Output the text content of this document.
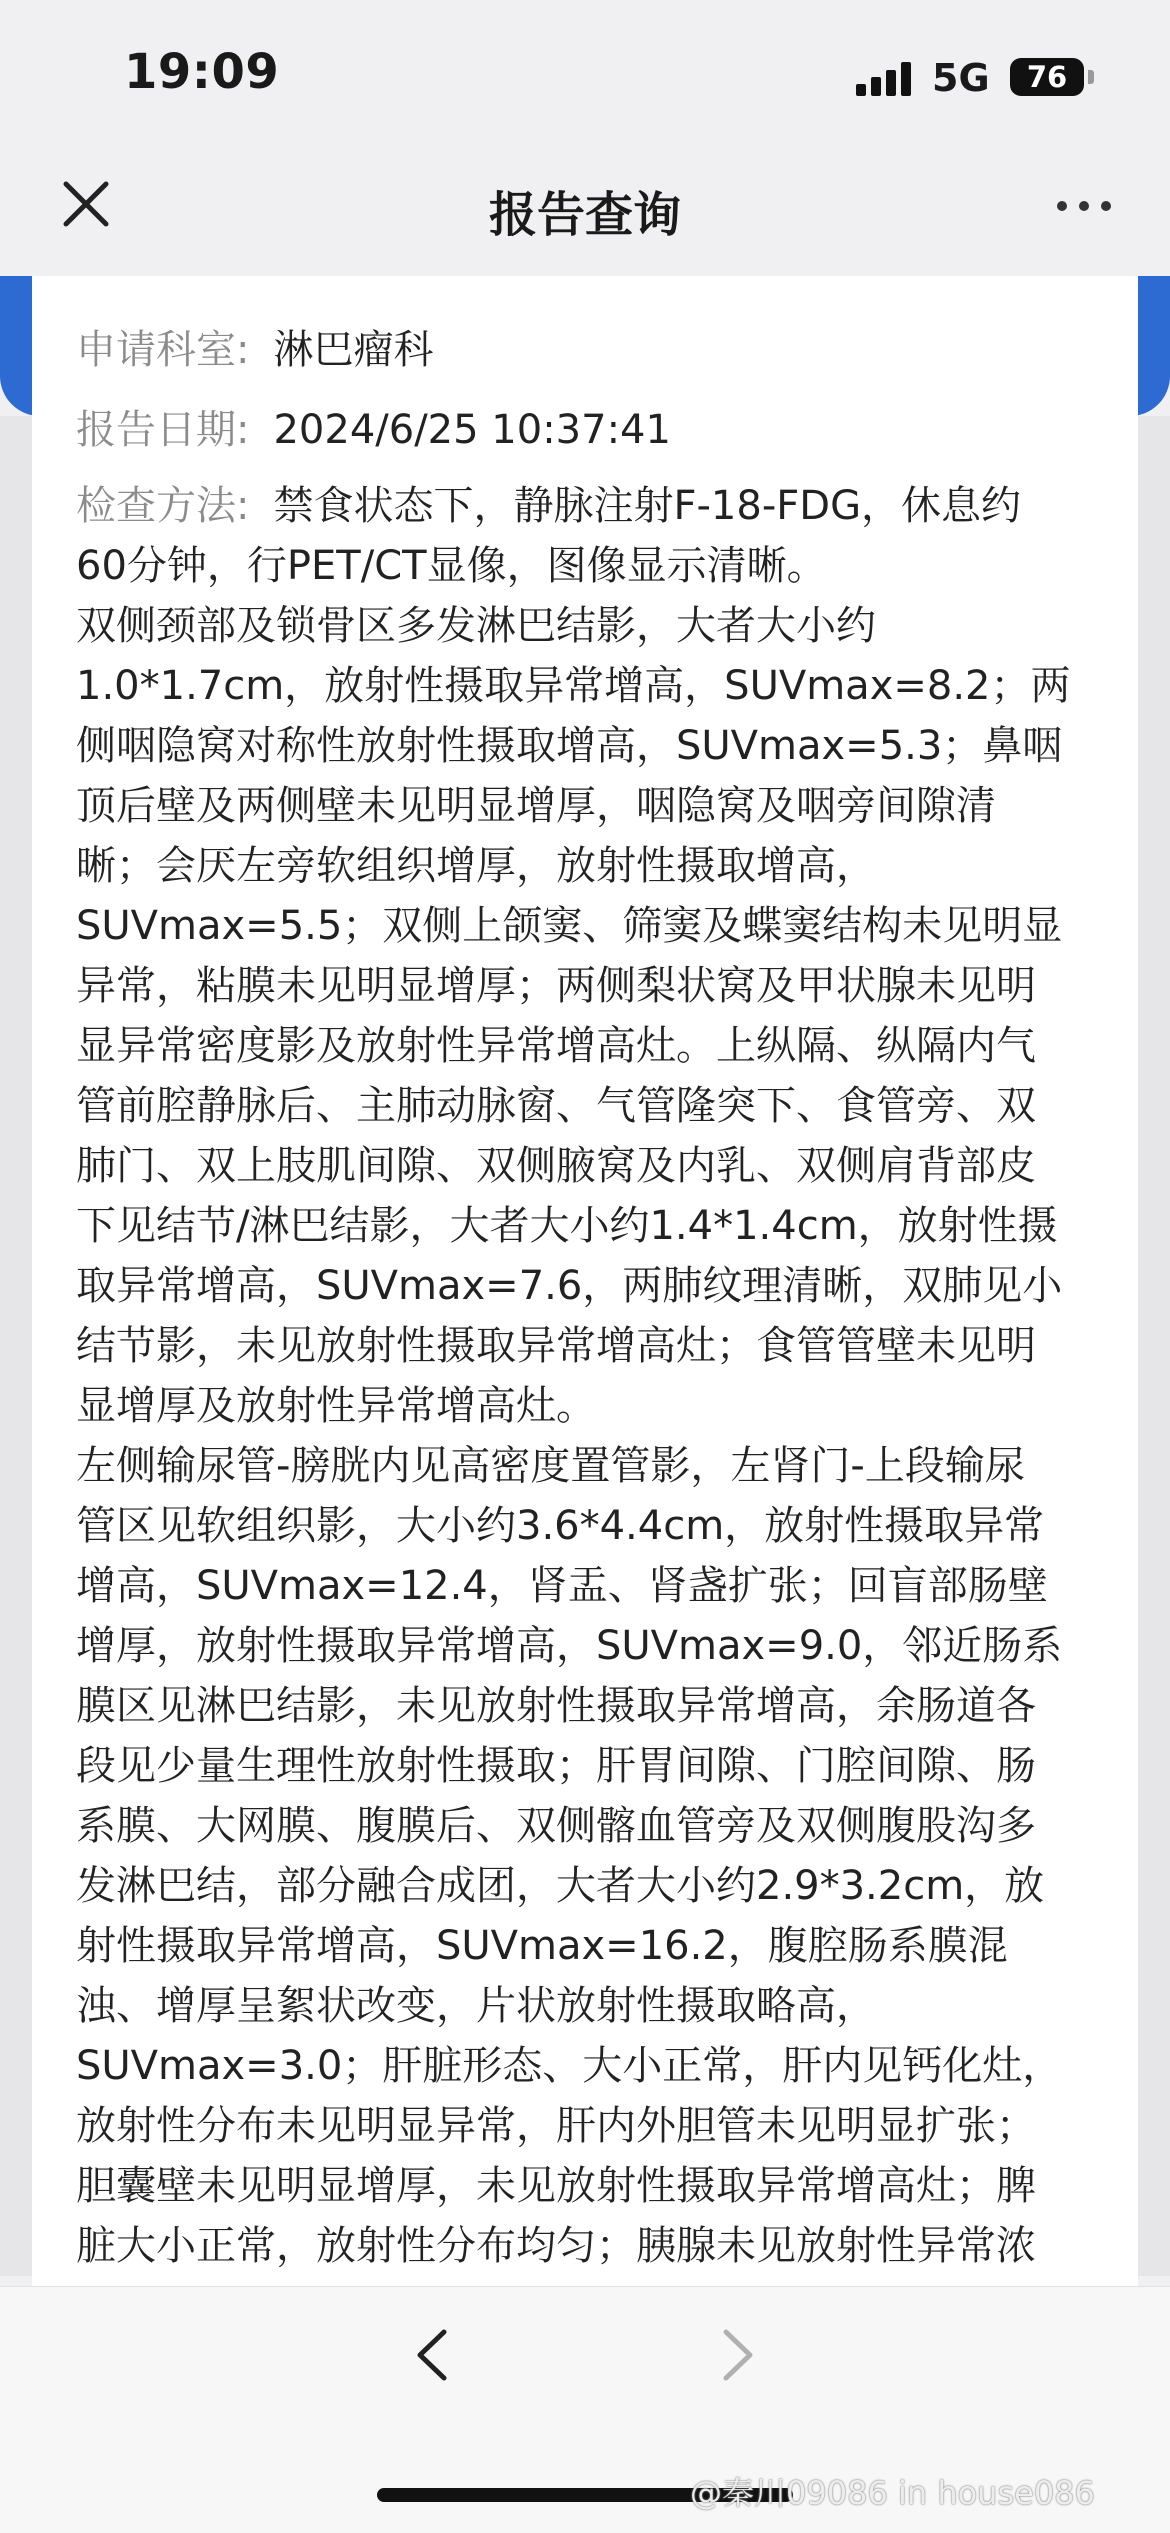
19:09	5G	76
报告查询
申请科室: 淋巴瘤科
报告日期: 2024/6/25 10:37:41
检查方法: 禁食状态下，静脉注射F-18-FDG，休息约
60分钟，行PET/CT显像，图像显示清晰。
双侧颈部及锁骨区多发淋巴结影，大者大小约
1.0*1.7cm，放射性摄取异常增高，SUVmax=8.2；两
侧咽隐窝对称性放射性摄取增高，SUVmax=5.3；鼻咽
顶后壁及两侧壁未见明显增厚，咽隐窝及咽旁间隙清
晰；会厌左旁软组织增厚，放射性摄取增高，
SUVmax=5.5；双侧上颌窦、筛窦及蝶窦结构未见明显
异常，粘膜未见明显增厚；两侧梨状窝及甲状腺未见明
显异常密度影及放射性异常增高灶。上纵隔、纵隔内气
管前腔静脉后、主肺动脉窗、气管隆突下、食管旁、双
肺门、双上肢肌间隙、双侧腋窝及内乳、双侧肩背部皮
下见结节/淋巴结影，大者大小约1.4*1.4cm，放射性摄
取异常增高，SUVmax=7.6，两肺纹理清晰，双肺见小
结节影，未见放射性摄取异常增高灶；食管管壁未见明
显增厚及放射性异常增高灶。
左侧输尿管-膀胱内见高密度置管影，左肾门-上段输尿
管区见软组织影，大小约3.6*4.4cm，放射性摄取异常
增高，SUVmax=12.4，肾盂、肾盏扩张；回盲部肠壁
增厚，放射性摄取异常增高，SUVmax=9.0，邻近肠系
膜区见淋巴结影，未见放射性摄取异常增高，余肠道各
段见少量生理性放射性摄取；肝胃间隙、门腔间隙、肠
系膜、大网膜、腹膜后、双侧髂血管旁及双侧腹股沟多
发淋巴结，部分融合成团，大者大小约2.9*3.2cm，放
射性摄取异常增高，SUVmax=16.2，腹腔肠系膜混
浊、增厚呈絮状改变，片状放射性摄取略高，
SUVmax=3.0；肝脏形态、大小正常，肝内见钙化灶，
放射性分布未见明显异常，肝内外胆管未见明显扩张；
胆囊壁未见明显增厚，未见放射性摄取异常增高灶；脾
脏大小正常，放射性分布均匀；胰腺未见放射性异常浓
@秦川09086 in house086
